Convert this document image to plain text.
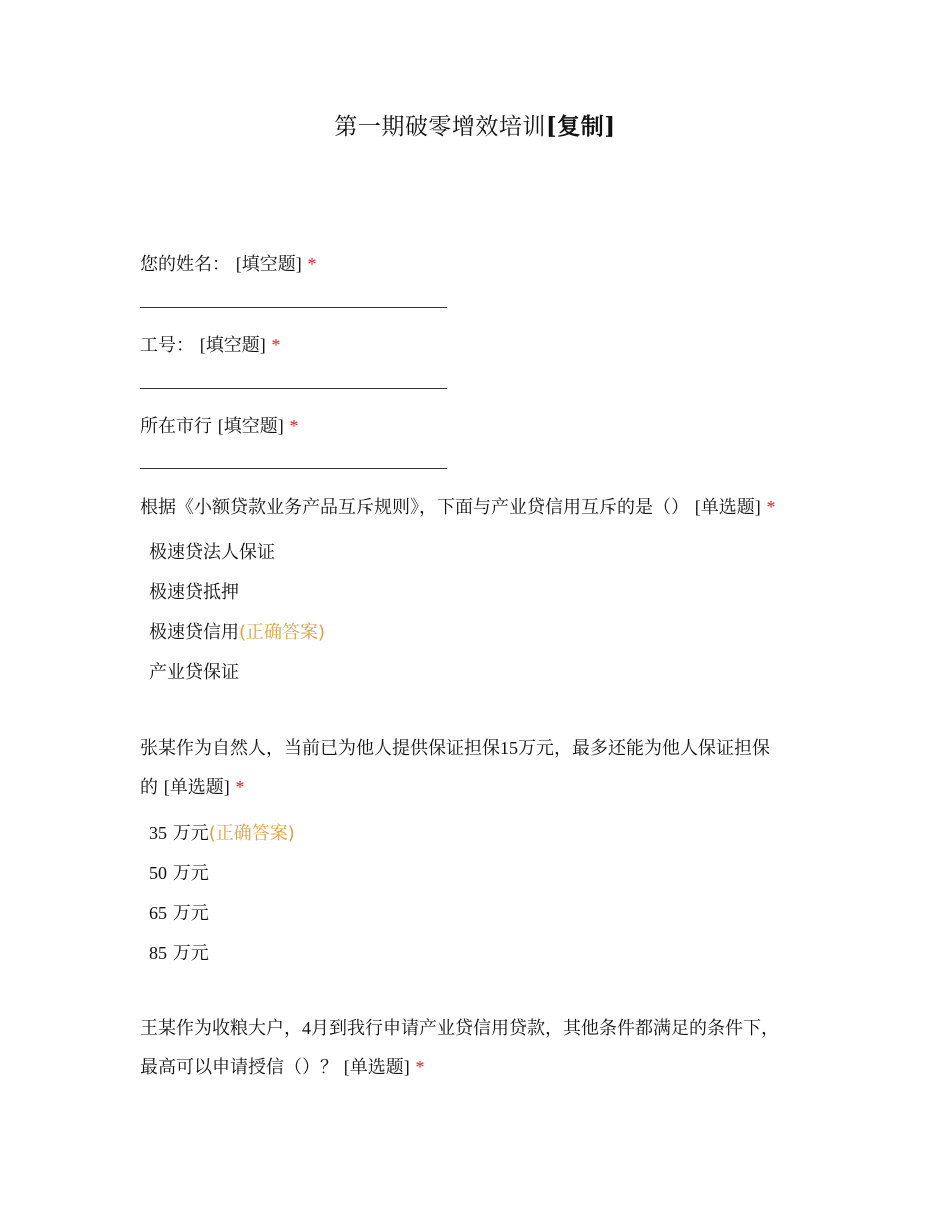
第一期破零增效培训[复制]
您的姓名： [填空题] *
工号： [填空题] *
所在市行 [填空题] *
根据《小额贷款业务产品互斥规则》，下面与产业贷信用互斥的是（） [单选题] *
极速贷法人保证
极速贷抵押
极速贷信用(正确答案)
产业贷保证
张某作为自然人，当前已为他人提供保证担保15万元，最多还能为他人保证担保
的 [单选题] *
35 万元(正确答案)
50 万元
65 万元
85 万元
王某作为收粮大户，4月到我行申请产业贷信用贷款，其他条件都满足的条件下，
最高可以申请授信（）？ [单选题] *
